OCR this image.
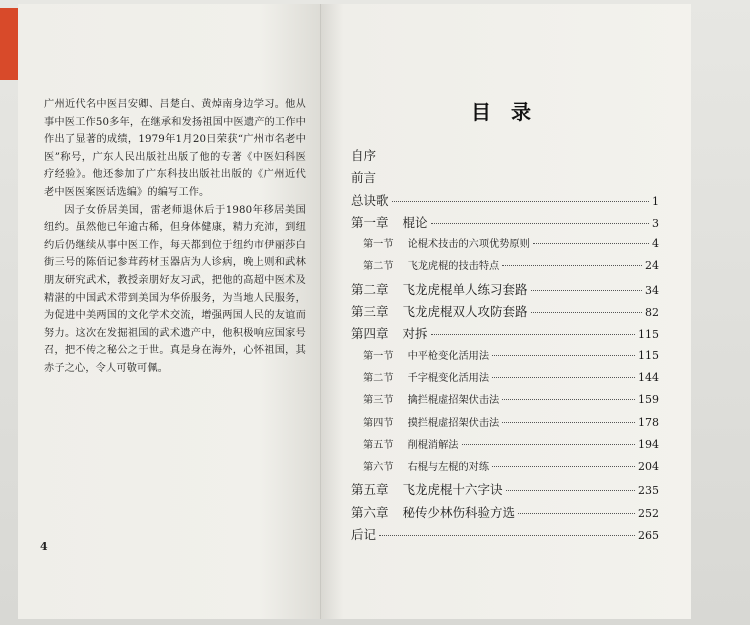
广州近代名中医吕安卿、吕楚白、黄焯南身边学习。他从事中医工作50多年，在继承和发扬祖国中医遗产的工作中作出了显著的成绩，1979年1月20日荣获“广州市名老中医”称号，广东人民出版社出版了他的专著《中医妇科医疗经验》。他还参加了广东科技出版社出版的《广州近代老中医医案医话选编》的编写工作。

因子女侨居美国，雷老师退休后于1980年移居美国纽约。虽然他已年逾古稀，但身体健康，精力充沛，到纽约后仍继续从事中医工作，每天都到位于纽约市伊丽莎白街三号的陈佰记参茸药材玉器店为人诊病，晚上则和武林朋友研究武术，教授亲朋好友习武，把他的高超中医术及精湛的中国武术带到美国为华侨服务，为当地人民服务，为促进中美两国的文化学术交流，增强两国人民的友谊而努力。这次在发掘祖国的武术遗产中，他积极响应国家号召，把不传之秘公之于世。真是身在海外，心怀祖国，其赤子之心，令人可敬可佩。

4
目录
自序
前言
总诀歌	1
第一章 棍论	3
第一节 论棍术技击的六项优势原则	4
第二节 飞龙虎棍的技击特点	24
第二章 飞龙虎棍单人练习套路	34
第三章 飞龙虎棍双人攻防套路	82
第四章 对拆	115
第一节 中平枪变化活用法	115
第二节 千字棍变化活用法	144
第三节 擒拦棍虚招架伏击法	159
第四节 摸拦棍虚招架伏击法	178
第五节 削棍消解法	194
第六节 右棍与左棍的对练	204
第五章 飞龙虎棍十六字诀	235
第六章 秘传少林伤科验方选	252
后记	265
